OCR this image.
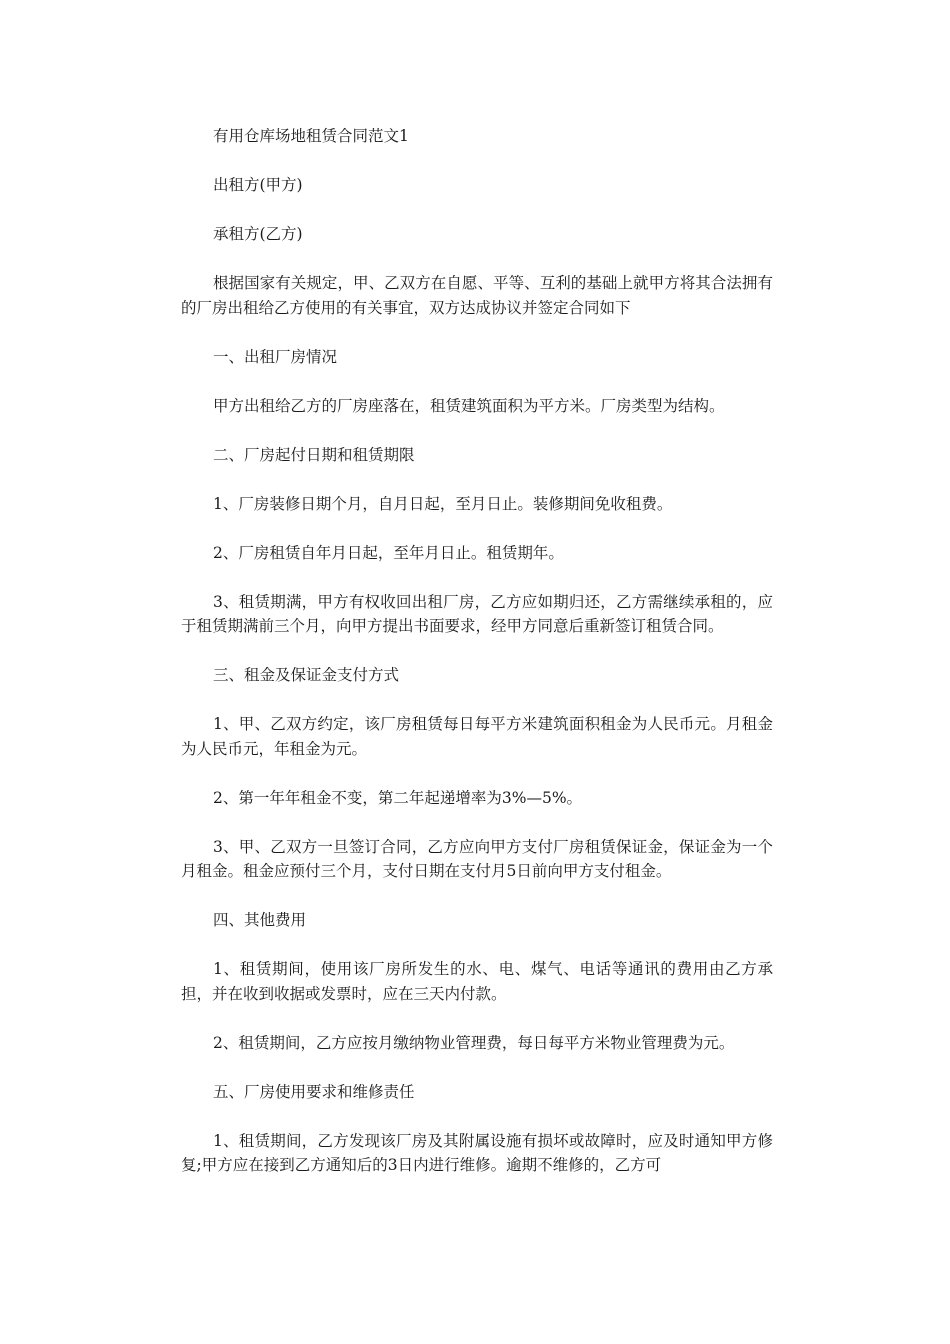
有用仓库场地租赁合同范文1

出租方(甲方)

承租方(乙方)

根据国家有关规定，甲、乙双方在自愿、平等、互利的基础上就甲方将其合法拥有的厂房出租给乙方使用的有关事宜，双方达成协议并签定合同如下

一、出租厂房情况

甲方出租给乙方的厂房座落在，租赁建筑面积为平方米。厂房类型为结构。

二、厂房起付日期和租赁期限

1、厂房装修日期个月，自月日起，至月日止。装修期间免收租费。

2、厂房租赁自年月日起，至年月日止。租赁期年。

3、租赁期满，甲方有权收回出租厂房，乙方应如期归还，乙方需继续承租的，应于租赁期满前三个月，向甲方提出书面要求，经甲方同意后重新签订租赁合同。

三、租金及保证金支付方式

1、甲、乙双方约定，该厂房租赁每日每平方米建筑面积租金为人民币元。月租金为人民币元，年租金为元。

2、第一年年租金不变，第二年起递增率为3%—5%。

3、甲、乙双方一旦签订合同，乙方应向甲方支付厂房租赁保证金，保证金为一个月租金。租金应预付三个月，支付日期在支付月5日前向甲方支付租金。

四、其他费用

1、租赁期间，使用该厂房所发生的水、电、煤气、电话等通讯的费用由乙方承担，并在收到收据或发票时，应在三天内付款。

2、租赁期间，乙方应按月缴纳物业管理费，每日每平方米物业管理费为元。

五、厂房使用要求和维修责任

1、租赁期间，乙方发现该厂房及其附属设施有损坏或故障时，应及时通知甲方修复;甲方应在接到乙方通知后的3日内进行维修。逾期不维修的，乙方可
